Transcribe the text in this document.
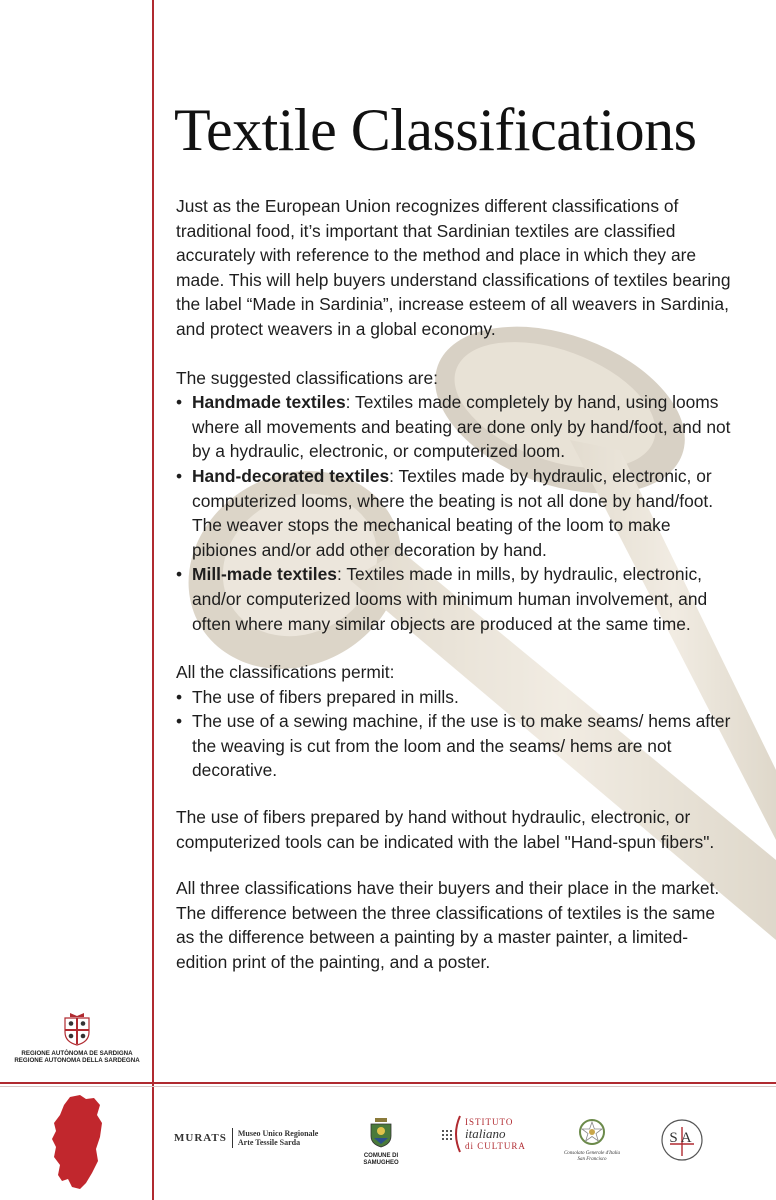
Textile Classifications

Just as the European Union recognizes different classifications of traditional food, it’s important that Sardinian textiles are classified accurately with reference to the method and place in which they are made. This will help buyers understand classifications of textiles bearing the label “Made in Sardinia”, increase esteem of all weavers in Sardinia, and protect weavers in a global economy.

The suggested classifications are:

• Handmade textiles: Textiles made completely by hand, using looms where all movements and beating are done only by hand/foot, and not by a hydraulic, electronic, or computerized loom.
• Hand-decorated textiles: Textiles made by hydraulic, electronic, or computerized looms, where the beating is not all done by hand/foot. The weaver stops the mechanical beating of the loom to make pibiones and/or add other decoration by hand.
• Mill-made textiles: Textiles made in mills, by hydraulic, electronic, and/or computerized looms with minimum human involvement, and often where many similar objects are produced at the same time.

All the classifications permit:

• The use of fibers prepared in mills.
• The use of a sewing machine, if the use is to make seams/ hems after the weaving is cut from the loom and the seams/ hems are not decorative.

The use of fibers prepared by hand without hydraulic, electronic, or computerized tools can be indicated with the label "Hand-spun fibers".

All three classifications have their buyers and their place in the market. The difference between the three classifications of textiles is the same as the difference between a painting by a master painter, a limited-edition print of the painting, and a poster.

REGIONE AUTÒNOMA DE SARDIGNA
REGIONE AUTONOMA DELLA SARDEGNA
MURATS Museo Unico Regionale
Arte Tessile Sarda
COMUNE DI
SAMUGHEO
ISTITUTO
italiano
di CULTURA
Consolato Generale d'Italia
San Francisco
SA
